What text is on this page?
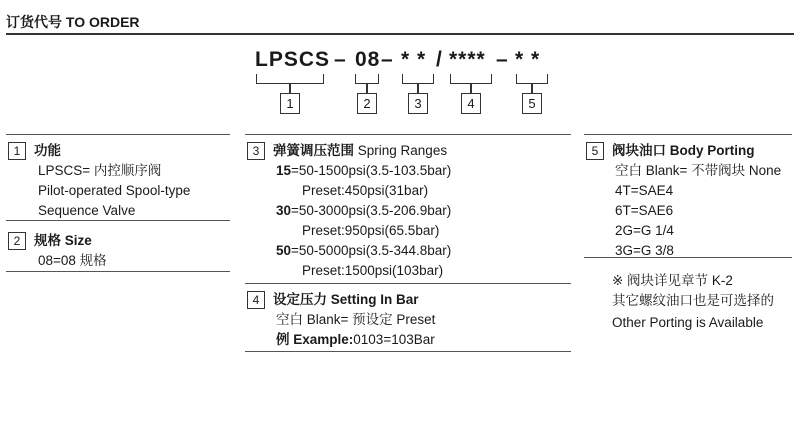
订货代号 TO ORDER
LPSCS – 08 – * * / **** – * *
1	2	3	4	5
1 功能
LPSCS= 内控顺序阀
Pilot-operated Spool-type
Sequence Valve
2 规格 Size
08=08 规格
3 弹簧调压范围 Spring Ranges
15=50-1500psi(3.5-103.5bar)
Preset:450psi(31bar)
30=50-3000psi(3.5-206.9bar)
Preset:950psi(65.5bar)
50=50-5000psi(3.5-344.8bar)
Preset:1500psi(103bar)
4 设定压力 Setting In Bar
空白 Blank= 预设定 Preset
例 Example:0103=103Bar
5 阀块油口 Body Porting
空白 Blank= 不带阀块 None
4T=SAE4
6T=SAE6
2G=G 1/4
3G=G 3/8
※ 阀块详见章节 K-2
其它螺纹油口也是可选择的
Other Porting is Available
